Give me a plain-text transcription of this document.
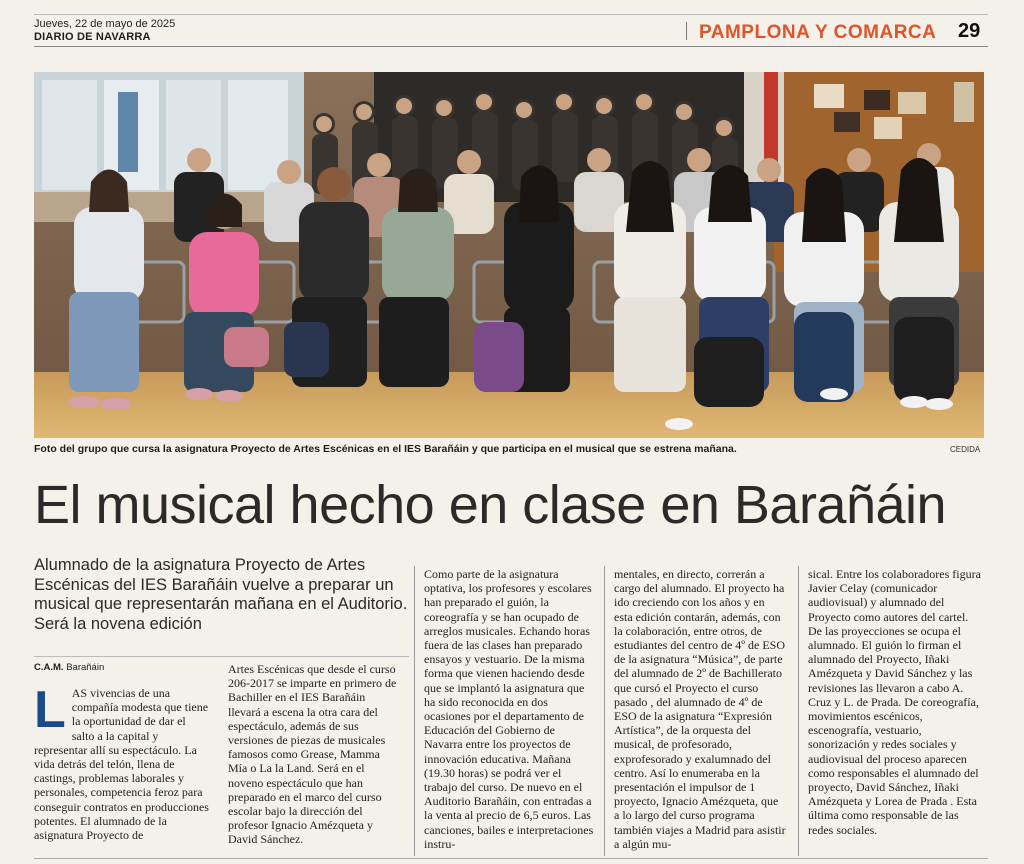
Jueves, 22 de mayo de 2025
DIARIO DE NAVARRA	PAMPLONA Y COMARCA 29
Foto del grupo que cursa la asignatura Proyecto de Artes Escénicas en el IES Barañáin y que participa en el musical que se estrena mañana.	CEDIDA
El musical hecho en clase en Barañáin
Alumnado de la asignatura Proyecto de Artes Escénicas del IES Barañáin vuelve a preparar un musical que representarán mañana en el Auditorio. Será la novena edición
C.A.M. Barañáin
L AS vivencias de una compañía modesta que tiene la oportunidad de dar el salto a la capital y representar allí su espectáculo. La vida detrás del telón, llena de castings, problemas laborales y personales, competencia feroz para conseguir contratos en producciones potentes. El alumnado de la asignatura Proyecto de
Artes Escénicas que desde el curso 206-2017 se imparte en primero de Bachiller en el IES Barañáin llevará a escena la otra cara del espectáculo, además de sus versiones de piezas de musicales famosos como Grease, Mamma Mía o La la Land. Será en el noveno espectáculo que han preparado en el marco del curso escolar bajo la dirección del profesor Ignacio Amézqueta y David Sánchez.
Como parte de la asignatura optativa, los profesores y escolares han preparado el guión, la coreografía y se han ocupado de arreglos musicales. Echando horas fuera de las clases han preparado ensayos y vestuario. De la misma forma que vienen haciendo desde que se implantó la asignatura que ha sido reconocida en dos ocasiones por el departamento de Educación del Gobierno de Navarra entre los proyectos de innovación educativa. Mañana (19.30 horas) se podrá ver el trabajo del curso. De nuevo en el Auditorio Barañáin, con entradas a la venta al precio de 6,5 euros. Las canciones, bailes e interpretaciones instru-
mentales, en directo, correrán a cargo del alumnado. El proyecto ha ido creciendo con los años y en esta edición contarán, además, con la colaboración, entre otros, de estudiantes del centro de 4º de ESO de la asignatura “Música”, de parte del alumnado de 2º de Bachillerato que cursó el Proyecto el curso pasado , del alumnado de 4º de ESO de la asignatura “Expresión Artística”, de la orquesta del musical, de profesorado, exprofesorado y exalumnado del centro. Así lo enumeraba en la presentación el impulsor de 1 proyecto, Ignacio Amézqueta, que a lo largo del curso programa también viajes a Madrid para asistir a algún mu-
sical. Entre los colaboradores figura Javier Celay (comunicador audiovisual) y alumnado del Proyecto como autores del cartel. De las proyecciones se ocupa el alumnado. El guión lo firman el alumnado del Proyecto, Iñaki Amézqueta y David Sánchez y las revisiones las llevaron a cabo A. Cruz y L. de Prada. De coreografía, movimientos escénicos, escenografía, vestuario, sonorización y redes sociales y audiovisual del proceso aparecen como responsables el alumnado del proyecto, David Sánchez, Iñaki Amézqueta y Lorea de Prada . Esta última como responsable de las redes sociales.
